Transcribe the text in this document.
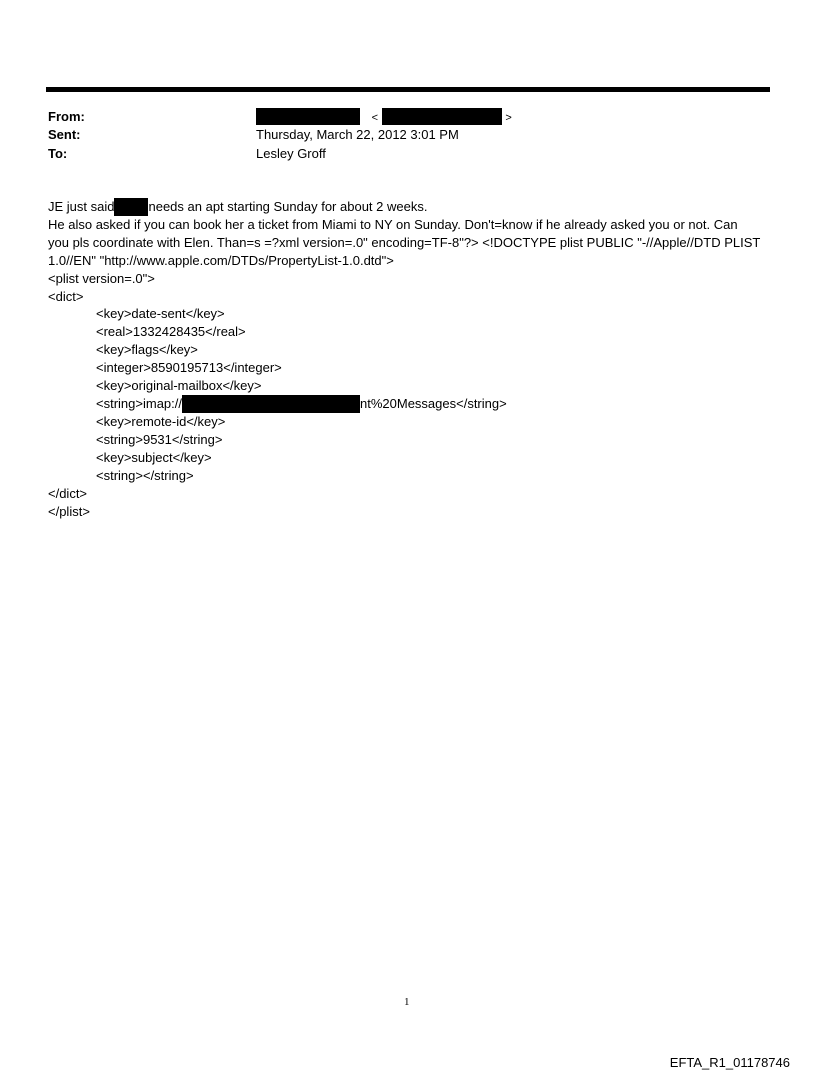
From:	<	>
Sent:	Thursday, March 22, 2012 3:01 PM
To:	Lesley Groff
JE just said	needs an apt starting Sunday for about 2 weeks.
He also asked if you can book her a ticket from Miami to NY on Sunday. Don't=know if he already asked you or not. Can
you pls coordinate with Elen. Than=s =?xml version=.0" encoding=TF-8"?> <!DOCTYPE plist PUBLIC "-//Apple//DTD PLIST
1.0//EN" "http://www.apple.com/DTDs/PropertyList-1.0.dtd">
<plist version=.0">
<dict>
<key>date-sent</key>
<real>1332428435</real>
<key>flags</key>
<integer>8590195713</integer>
<key>original-mailbox</key>
<string>imap://	nt%20Messages</string>
<key>remote-id</key>
<string>9531</string>
<key>subject</key>
<string></string>
</dict>
</plist>
1
EFTA_R1_01178746
